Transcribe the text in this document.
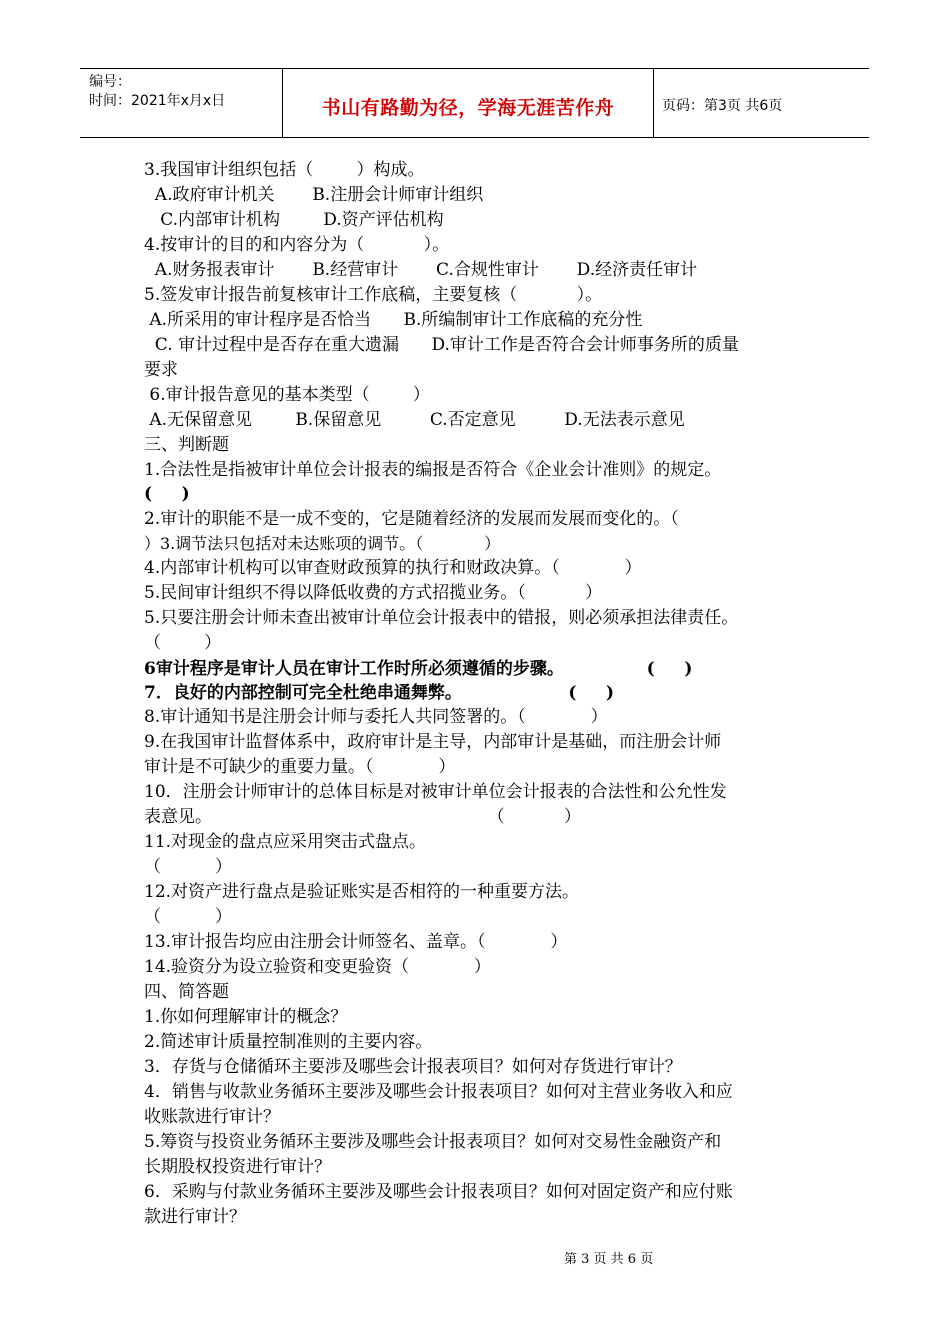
编号：
时间：2021年x月x日	书山有路勤为径，学海无涯苦作舟	页码：第3页 共6页
3.我国审计组织包括（        ）构成。
A.政府审计机关       B.注册会计师审计组织
C.内部审计机构        D.资产评估机构
4.按审计的目的和内容分为（           ）。
A.财务报表审计       B.经营审计       C.合规性审计       D.经济责任审计
5.签发审计报告前复核审计工作底稿，主要复核（           ）。
A.所采用的审计程序是否恰当      B.所编制审计工作底稿的充分性
C. 审计过程中是否存在重大遗漏      D.审计工作是否符合会计师事务所的质量
要求
6.审计报告意见的基本类型（        ）
A.无保留意见        B.保留意见         C.否定意见         D.无法表示意见
三、判断题
1.合法性是指被审计单位会计报表的编报是否符合《企业会计准则》的规定。
(     )
2.审计的职能不是一成不变的，它是随着经济的发展而发展而变化的。（
）3.调节法只包括对未达账项的调节。（            ）
4.内部审计机构可以审查财政预算的执行和财政决算。（            ）
5.民间审计组织不得以降低收费的方式招揽业务。（           ）
5.只要注册会计师未查出被审计单位会计报表中的错报，则必须承担法律责任。
（        ）
6审计程序是审计人员在审计工作时所必须遵循的步骤。              (     )
7．良好的内部控制可完全杜绝串通舞弊。                  (     )
8.审计通知书是注册会计师与委托人共同签署的。（            ）
9.在我国审计监督体系中，政府审计是主导，内部审计是基础，而注册会计师
审计是不可缺少的重要力量。（            ）
10．注册会计师审计的总体目标是对被审计单位会计报表的合法性和公允性发
表意见。                                                   （           ）
11.对现金的盘点应采用突击式盘点。
（          ）
12.对资产进行盘点是验证账实是否相符的一种重要方法。
（          ）
13.审计报告均应由注册会计师签名、盖章。（            ）
14.验资分为设立验资和变更验资（            ）
四、简答题
1.你如何理解审计的概念？
2.简述审计质量控制准则的主要内容。
3．存货与仓储循环主要涉及哪些会计报表项目？如何对存货进行审计？
4．销售与收款业务循环主要涉及哪些会计报表项目？如何对主营业务收入和应
收账款进行审计？
5.筹资与投资业务循环主要涉及哪些会计报表项目？如何对交易性金融资产和
长期股权投资进行审计？
6．采购与付款业务循环主要涉及哪些会计报表项目？如何对固定资产和应付账
款进行审计？
第 3 页 共 6 页
